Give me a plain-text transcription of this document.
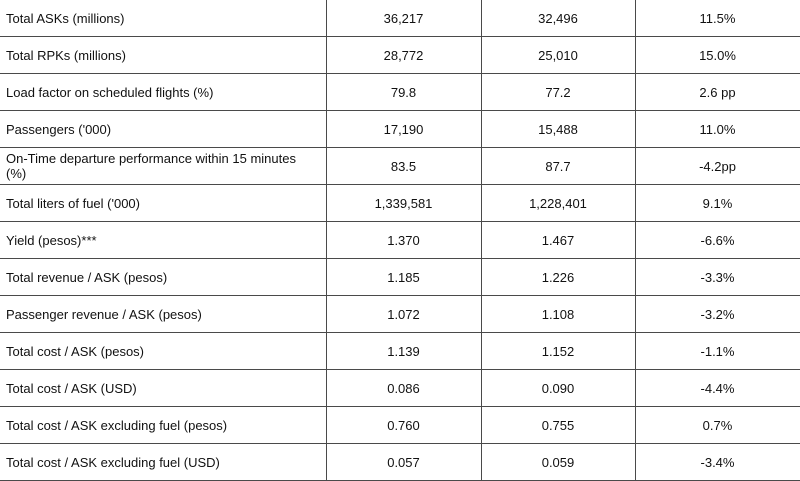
Total ASKs (millions)	36,217	32,496	11.5%
Total RPKs (millions)	28,772	25,010	15.0%
Load factor on scheduled flights (%)	79.8	77.2	2.6 pp
Passengers ('000)	17,190	15,488	11.0%
On-Time departure performance within 15 minutes (%)	83.5	87.7	-4.2pp
Total liters of fuel ('000)	1,339,581	1,228,401	9.1%
Yield (pesos)***	1.370	1.467	-6.6%
Total revenue / ASK (pesos)	1.185	1.226	-3.3%
Passenger revenue / ASK (pesos)	1.072	1.108	-3.2%
Total cost / ASK (pesos)	1.139	1.152	-1.1%
Total cost / ASK (USD)	0.086	0.090	-4.4%
Total cost / ASK excluding fuel (pesos)	0.760	0.755	0.7%
Total cost / ASK excluding fuel (USD)	0.057	0.059	-3.4%
